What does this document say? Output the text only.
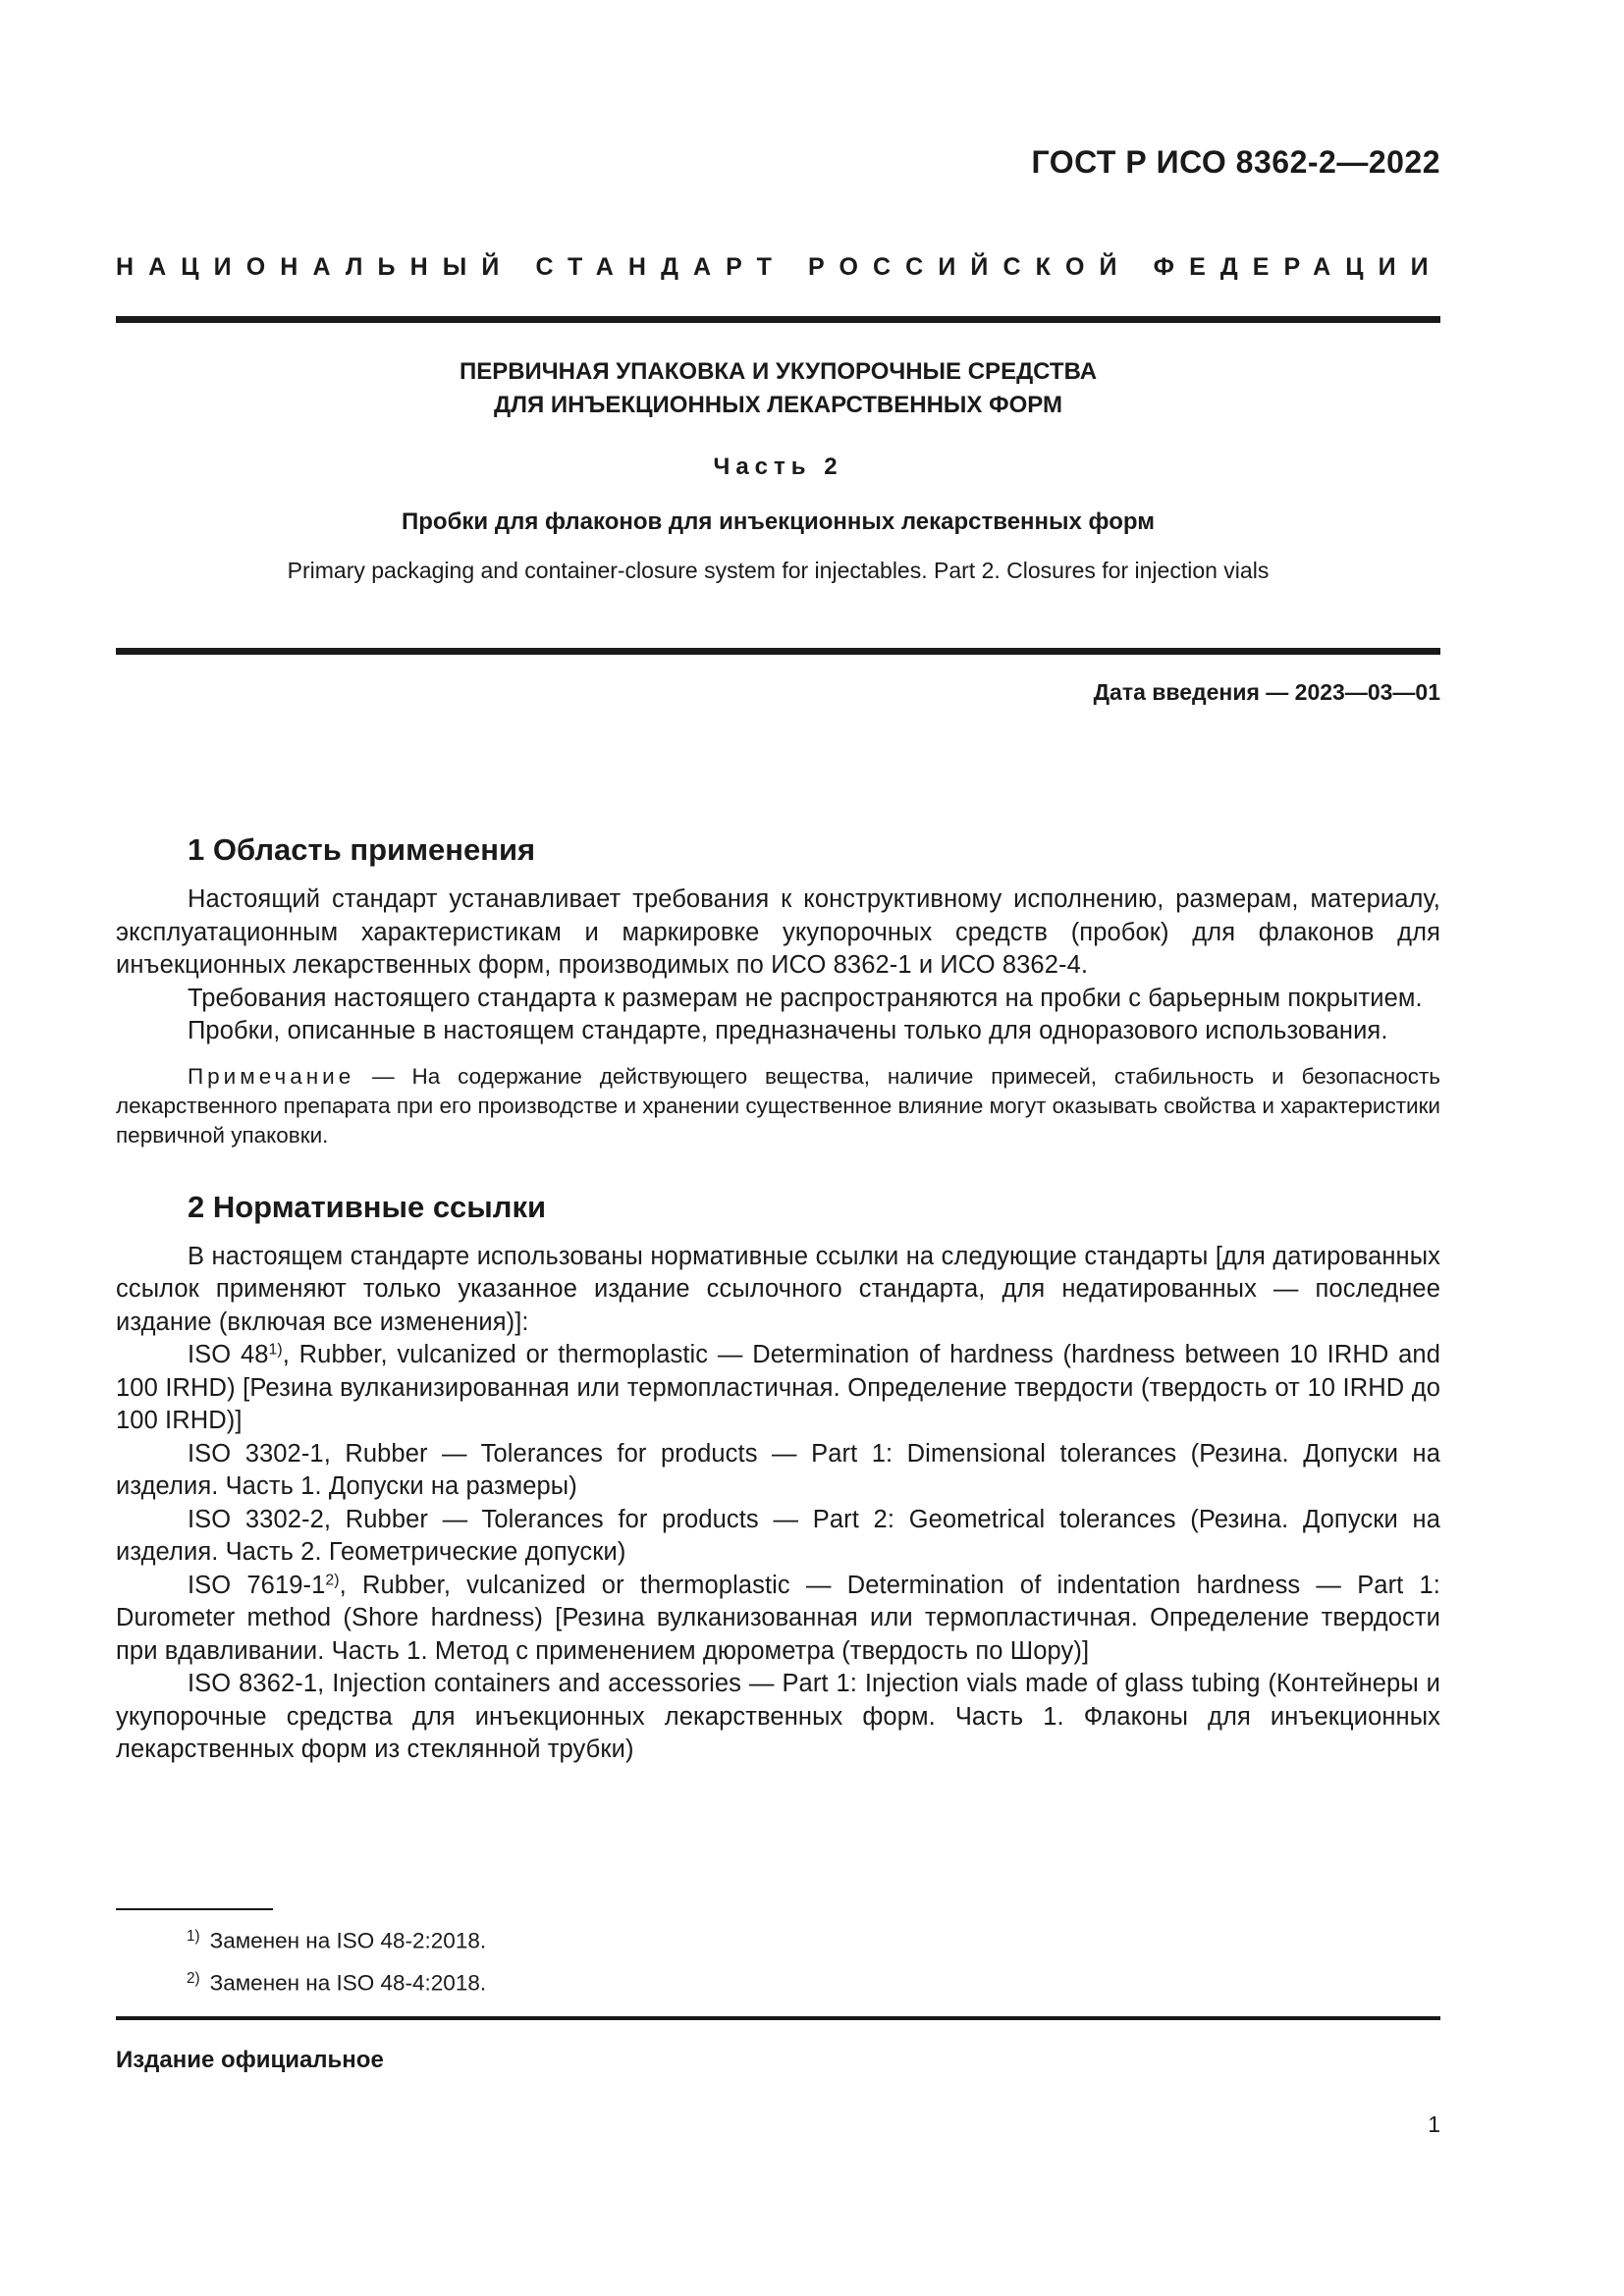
ГОСТ Р ИСО 8362-2—2022
НАЦИОНАЛЬНЫЙ СТАНДАРТ РОССИЙСКОЙ ФЕДЕРАЦИИ
ПЕРВИЧНАЯ УПАКОВКА И УКУПОРОЧНЫЕ СРЕДСТВА
ДЛЯ ИНЪЕКЦИОННЫХ ЛЕКАРСТВЕННЫХ ФОРМ
Часть 2
Пробки для флаконов для инъекционных лекарственных форм
Primary packaging and container-closure system for injectables. Part 2. Closures for injection vials
Дата введения — 2023—03—01
1 Область применения

Настоящий стандарт устанавливает требования к конструктивному исполнению, размерам, материалу, эксплуатационным характеристикам и маркировке укупорочных средств (пробок) для флаконов для инъекционных лекарственных форм, производимых по ИСО 8362-1 и ИСО 8362-4.

Требования настоящего стандарта к размерам не распространяются на пробки с барьерным покрытием.

Пробки, описанные в настоящем стандарте, предназначены только для одноразового использования.

Примечание — На содержание действующего вещества, наличие примесей, стабильность и безопасность лекарственного препарата при его производстве и хранении существенное влияние могут оказывать свойства и характеристики первичной упаковки.

2 Нормативные ссылки

В настоящем стандарте использованы нормативные ссылки на следующие стандарты [для датированных ссылок применяют только указанное издание ссылочного стандарта, для недатированных — последнее издание (включая все изменения)]:

ISO 48$^{1)}$, Rubber, vulcanized or thermoplastic — Determination of hardness (hardness between 10 IRHD and 100 IRHD) [Резина вулканизированная или термопластичная. Определение твердости (твердость от 10 IRHD до 100 IRHD)]

ISO 3302-1, Rubber — Tolerances for products — Part 1: Dimensional tolerances (Резина. Допуски на изделия. Часть 1. Допуски на размеры)

ISO 3302-2, Rubber — Tolerances for products — Part 2: Geometrical tolerances (Резина. Допуски на изделия. Часть 2. Геометрические допуски)

ISO 7619-1$^{2)}$, Rubber, vulcanized or thermoplastic — Determination of indentation hardness — Part 1: Durometer method (Shore hardness) [Резина вулканизованная или термопластичная. Определение твердости при вдавливании. Часть 1. Метод с применением дюрометра (твердость по Шору)]

ISO 8362-1, Injection containers and accessories — Part 1: Injection vials made of glass tubing (Контейнеры и укупорочные средства для инъекционных лекарственных форм. Часть 1. Флаконы для инъекционных лекарственных форм из стеклянной трубки)

$^{1)}$ Заменен на ISO 48-2:2018.
$^{2)}$ Заменен на ISO 48-4:2018.
Издание официальное
1
